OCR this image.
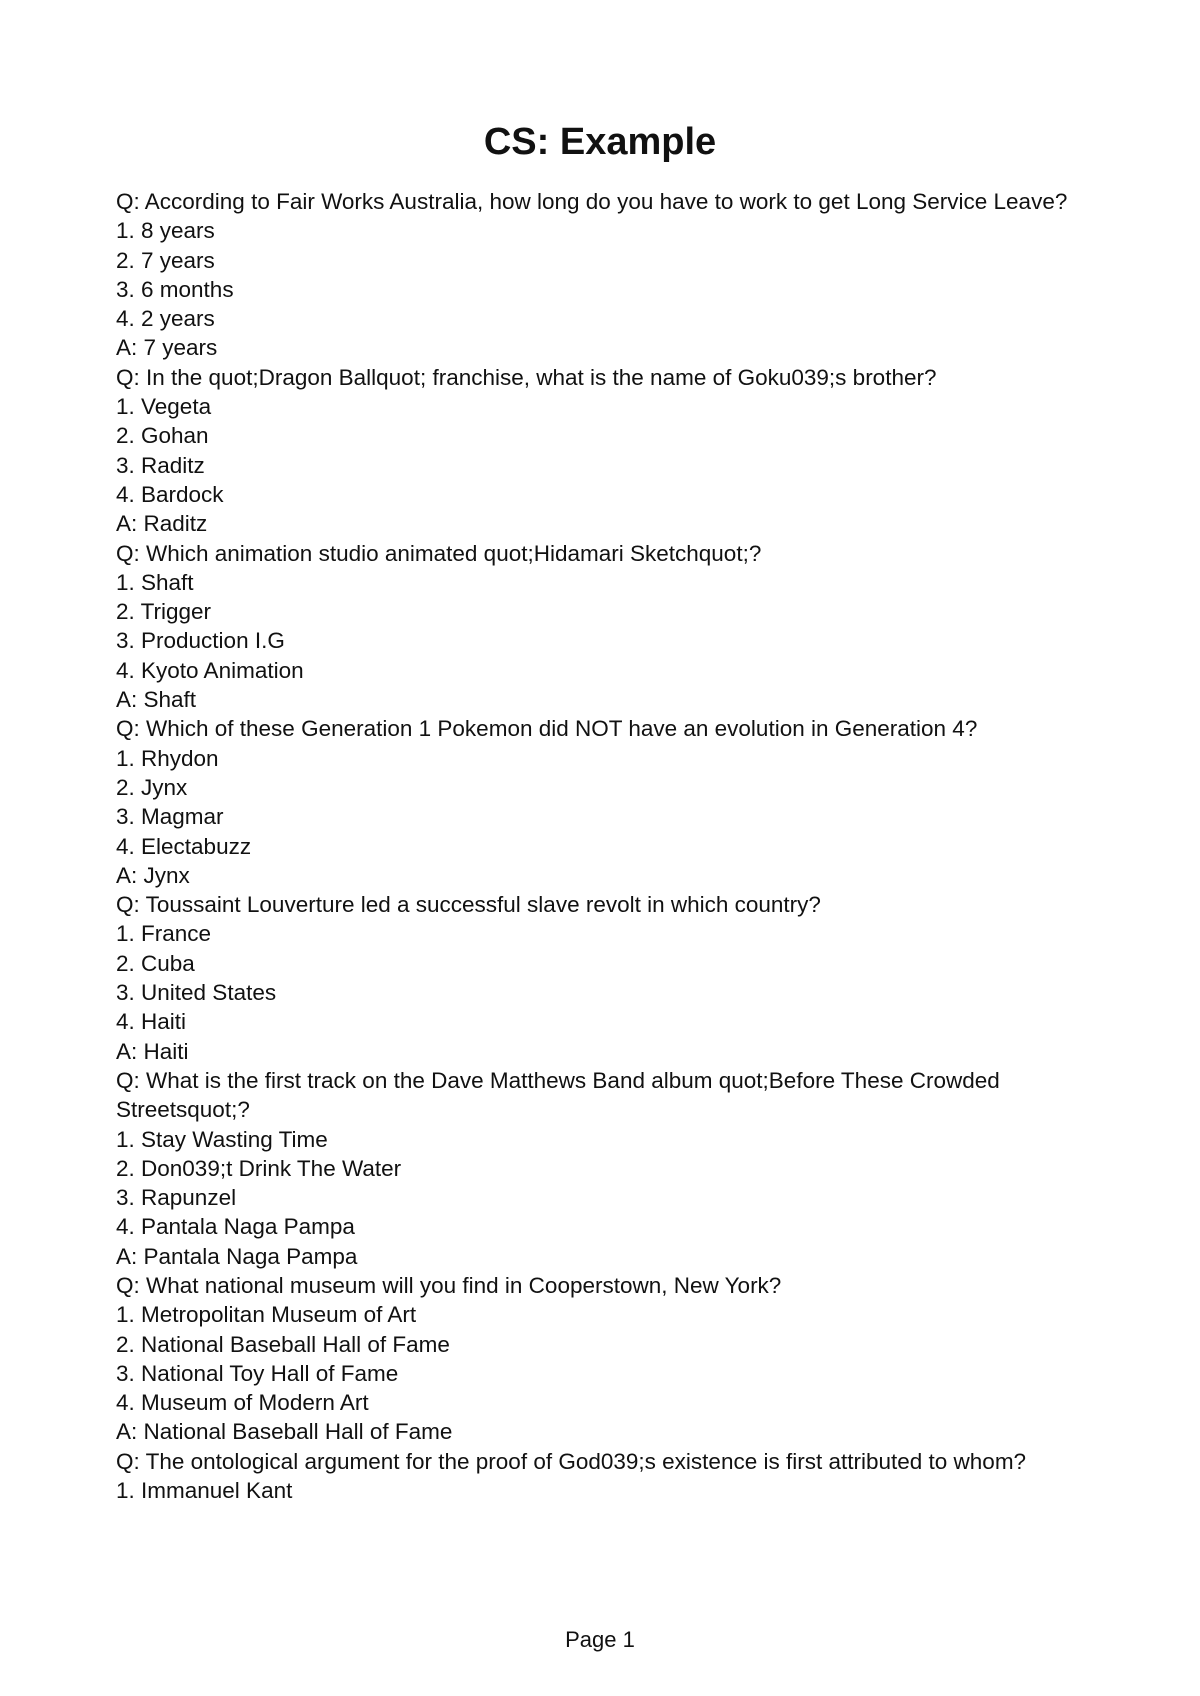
CS: Example
Q: According to Fair Works Australia, how long do you have to work to get Long Service Leave?
1. 8 years
2. 7 years
3. 6 months
4. 2 years
A: 7 years
Q: In the quot;Dragon Ballquot; franchise, what is the name of Goku039;s brother?
1. Vegeta
2. Gohan
3. Raditz
4. Bardock
A: Raditz
Q: Which animation studio animated quot;Hidamari Sketchquot;?
1. Shaft
2. Trigger
3. Production I.G
4. Kyoto Animation
A: Shaft
Q: Which of these Generation 1 Pokemon did NOT have an evolution in Generation 4?
1. Rhydon
2. Jynx
3. Magmar
4. Electabuzz
A: Jynx
Q: Toussaint Louverture led a successful slave revolt in which country?
1. France
2. Cuba
3. United States
4. Haiti
A: Haiti
Q: What is the first track on the Dave Matthews Band album quot;Before These Crowded Streetsquot;?
1. Stay Wasting Time
2. Don039;t Drink The Water
3. Rapunzel
4. Pantala Naga Pampa
A: Pantala Naga Pampa
Q: What national museum will you find in Cooperstown, New York?
1. Metropolitan Museum of Art
2. National Baseball Hall of Fame
3. National Toy Hall of Fame
4. Museum of Modern Art
A: National Baseball Hall of Fame
Q: The ontological argument for the proof of God039;s existence is first attributed to whom?
1. Immanuel Kant
Page 1
